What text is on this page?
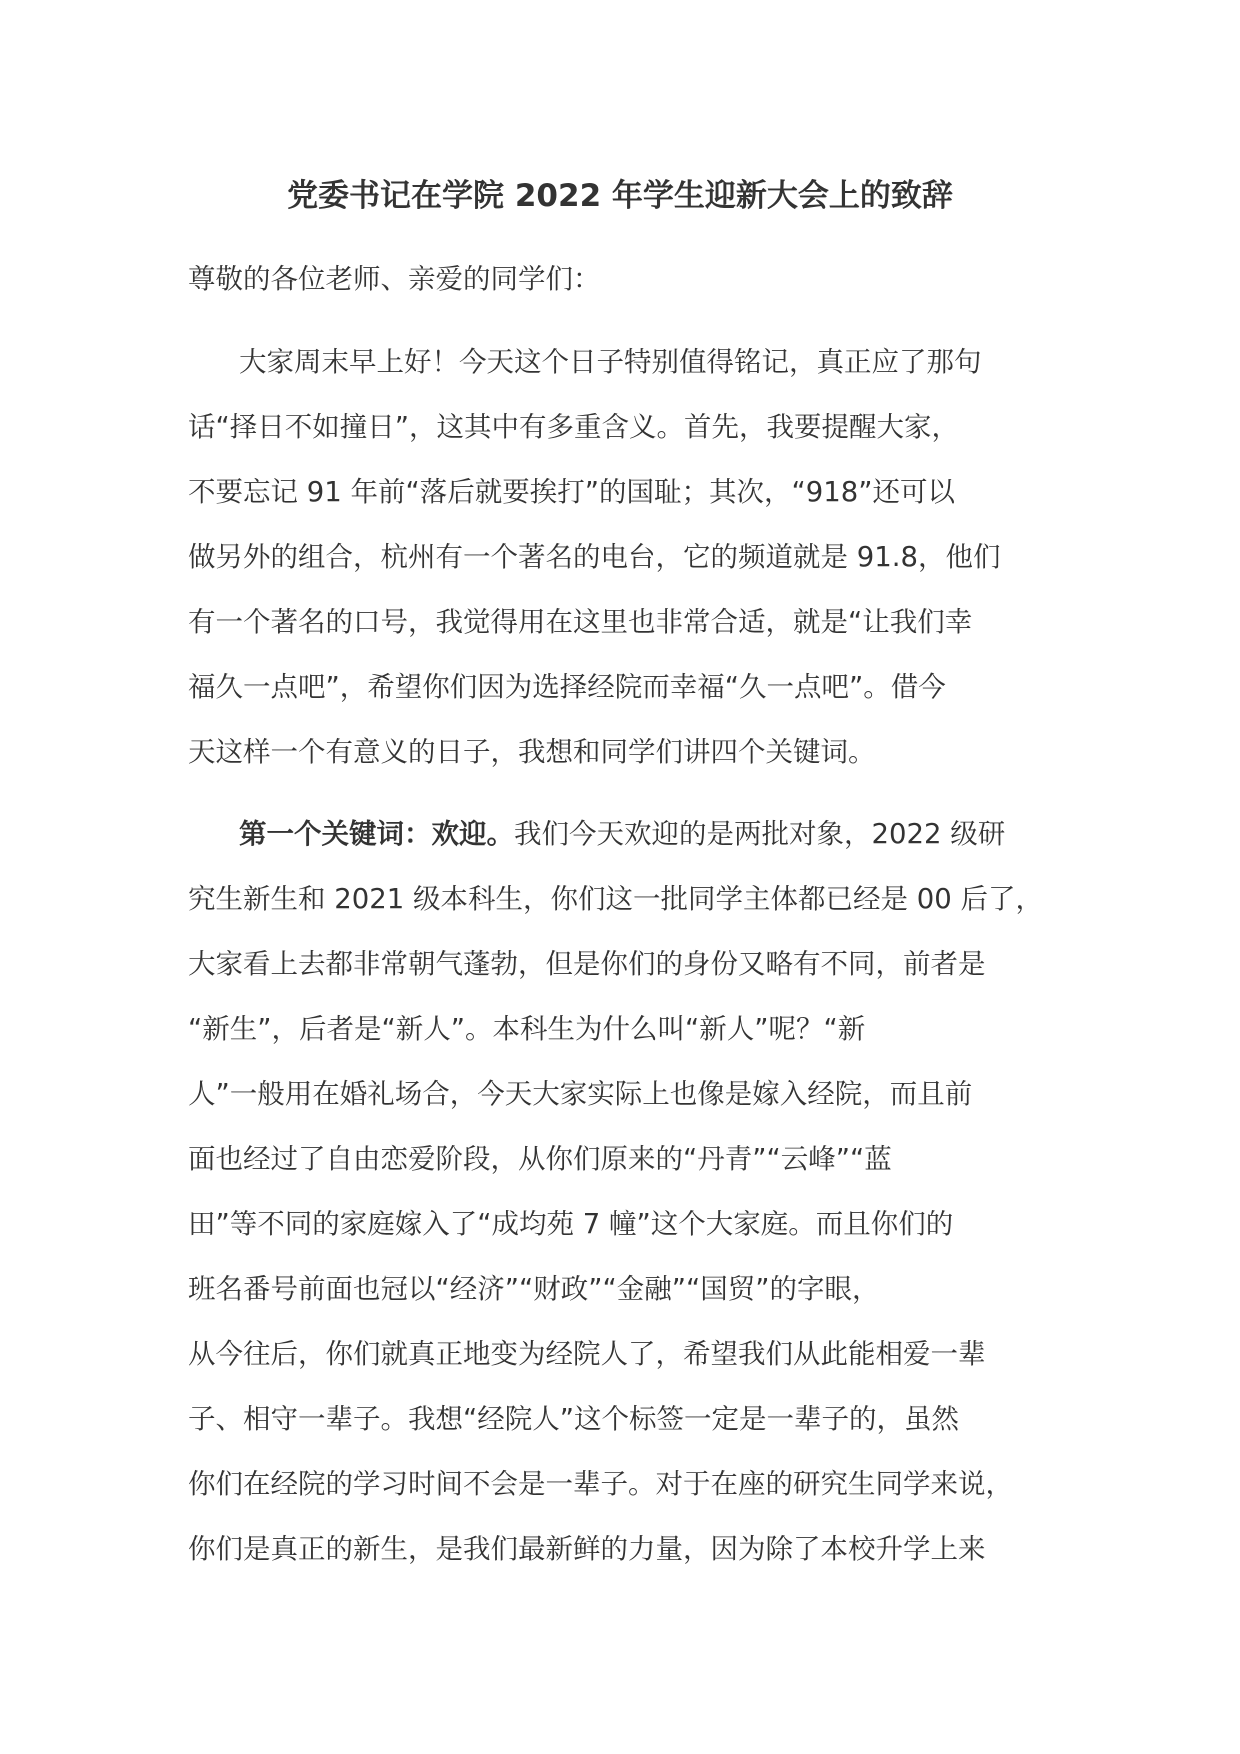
党委书记在学院 2022 年学生迎新大会上的致辞

尊敬的各位老师、亲爱的同学们：

大家周末早上好！今天这个日子特别值得铭记，真正应了那句
话“择日不如撞日”，这其中有多重含义。首先，我要提醒大家，
不要忘记 91 年前“落后就要挨打”的国耻；其次，“918”还可以
做另外的组合，杭州有一个著名的电台，它的频道就是 91.8，他们
有一个著名的口号，我觉得用在这里也非常合适，就是“让我们幸
福久一点吧”，希望你们因为选择经院而幸福“久一点吧”。借今
天这样一个有意义的日子，我想和同学们讲四个关键词。
第一个关键词：欢迎。我们今天欢迎的是两批对象，2022 级研
究生新生和 2021 级本科生，你们这一批同学主体都已经是 00 后了，
大家看上去都非常朝气蓬勃，但是你们的身份又略有不同，前者是
“新生”，后者是“新人”。本科生为什么叫“新人”呢？“新
人”一般用在婚礼场合，今天大家实际上也像是嫁入经院，而且前
面也经过了自由恋爱阶段，从你们原来的“丹青”“云峰”“蓝
田”等不同的家庭嫁入了“成均苑 7 幢”这个大家庭。而且你们的
班名番号前面也冠以“经济”“财政”“金融”“国贸”的字眼，
从今往后，你们就真正地变为经院人了，希望我们从此能相爱一辈
子、相守一辈子。我想“经院人”这个标签一定是一辈子的，虽然
你们在经院的学习时间不会是一辈子。对于在座的研究生同学来说，
你们是真正的新生，是我们最新鲜的力量，因为除了本校升学上来
